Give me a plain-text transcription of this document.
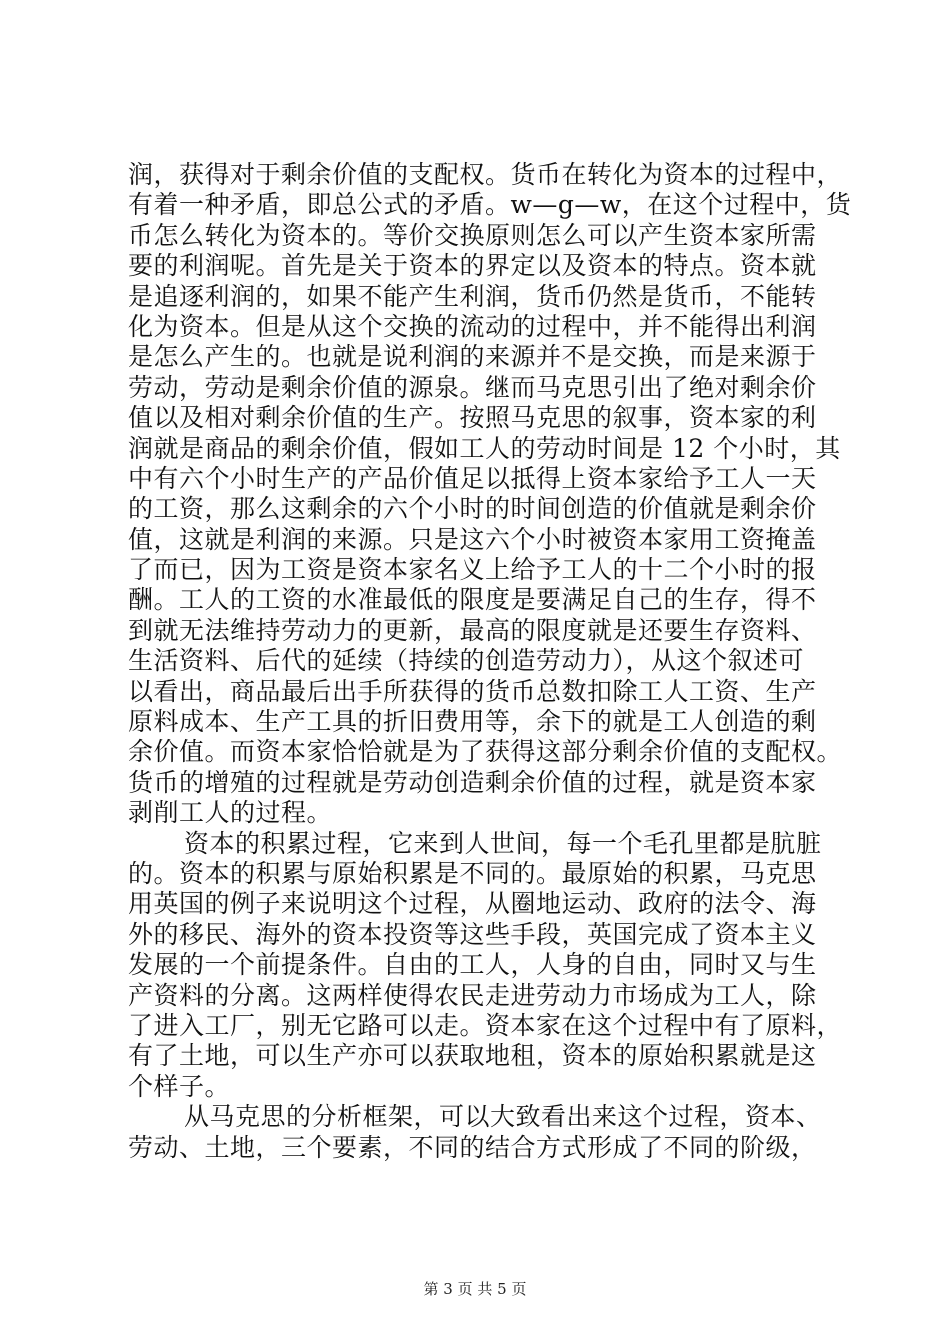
润，获得对于剩余价值的支配权。货币在转化为资本的过程中，
有着一种矛盾，即总公式的矛盾。w—g—w，在这个过程中，货
币怎么转化为资本的。等价交换原则怎么可以产生资本家所需
要的利润呢。首先是关于资本的界定以及资本的特点。资本就
是追逐利润的，如果不能产生利润，货币仍然是货币，不能转
化为资本。但是从这个交换的流动的过程中，并不能得出利润
是怎么产生的。也就是说利润的来源并不是交换，而是来源于
劳动，劳动是剩余价值的源泉。继而马克思引出了绝对剩余价
值以及相对剩余价值的生产。按照马克思的叙事，资本家的利
润就是商品的剩余价值，假如工人的劳动时间是 12 个小时，其
中有六个小时生产的产品价值足以抵得上资本家给予工人一天
的工资，那么这剩余的六个小时的时间创造的价值就是剩余价
值，这就是利润的来源。只是这六个小时被资本家用工资掩盖
了而已，因为工资是资本家名义上给予工人的十二个小时的报
酬。工人的工资的水准最低的限度是要满足自己的生存，得不
到就无法维持劳动力的更新，最高的限度就是还要生存资料、
生活资料、后代的延续（持续的创造劳动力），从这个叙述可
以看出，商品最后出手所获得的货币总数扣除工人工资、生产
原料成本、生产工具的折旧费用等，余下的就是工人创造的剩
余价值。而资本家恰恰就是为了获得这部分剩余价值的支配权。
货币的增殖的过程就是劳动创造剩余价值的过程，就是资本家
剥削工人的过程。
资本的积累过程，它来到人世间，每一个毛孔里都是肮脏
的。资本的积累与原始积累是不同的。最原始的积累，马克思
用英国的例子来说明这个过程，从圈地运动、政府的法令、海
外的移民、海外的资本投资等这些手段，英国完成了资本主义
发展的一个前提条件。自由的工人，人身的自由，同时又与生
产资料的分离。这两样使得农民走进劳动力市场成为工人，除
了进入工厂，别无它路可以走。资本家在这个过程中有了原料，
有了土地，可以生产亦可以获取地租，资本的原始积累就是这
个样子。
从马克思的分析框架，可以大致看出来这个过程，资本、
劳动、土地，三个要素，不同的结合方式形成了不同的阶级，
第 3 页 共 5 页
